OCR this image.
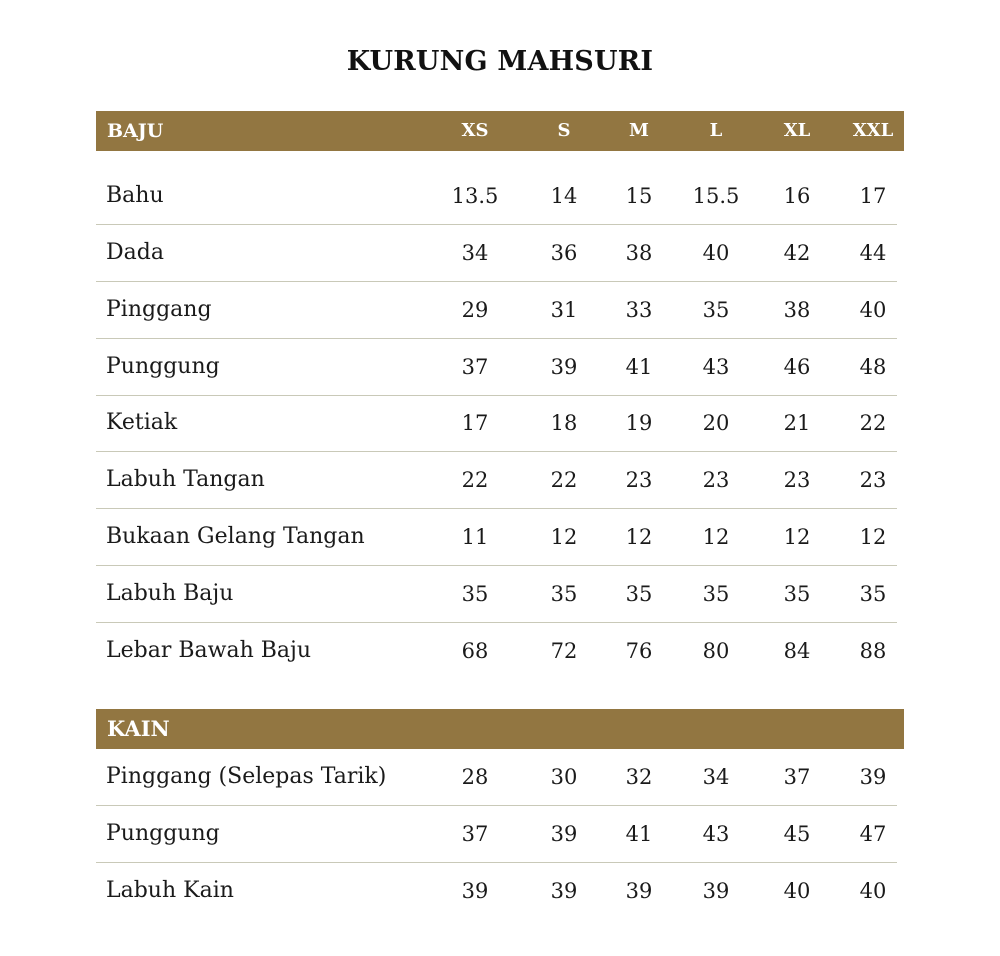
KURUNG MAHSURI
BAJU	XS	S	M	L	XL	XXL
Bahu	13.5	14	15	15.5	16	17
Dada	34	36	38	40	42	44
Pinggang	29	31	33	35	38	40
Punggung	37	39	41	43	46	48
Ketiak	17	18	19	20	21	22
Labuh Tangan	22	22	23	23	23	23
Bukaan Gelang Tangan	11	12	12	12	12	12
Labuh Baju	35	35	35	35	35	35
Lebar Bawah Baju	68	72	76	80	84	88
KAIN
Pinggang (Selepas Tarik)	28	30	32	34	37	39
Punggung	37	39	41	43	45	47
Labuh Kain	39	39	39	39	40	40
